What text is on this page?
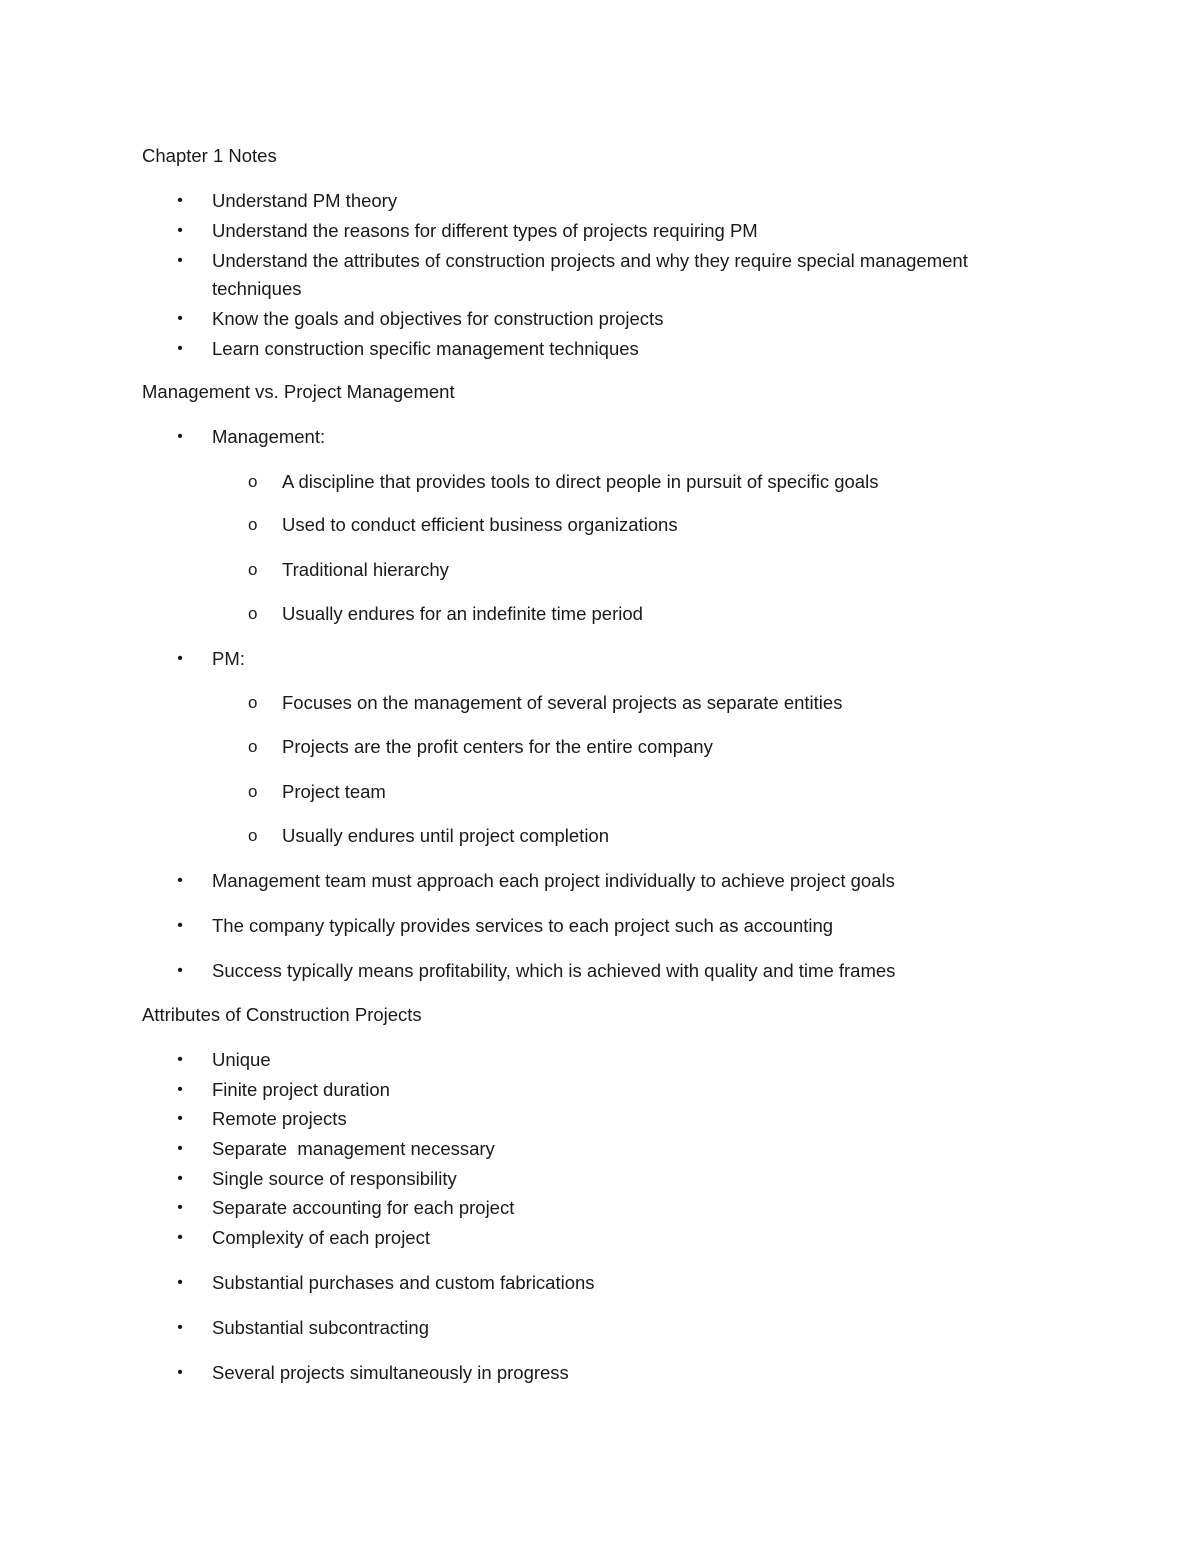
Chapter 1 Notes
• Understand PM theory
• Understand the reasons for different types of projects requiring PM
• Understand the attributes of construction projects and why they require special management
techniques
• Know the goals and objectives for construction projects
• Learn construction specific management techniques
Management vs. Project Management
• Management:
o A discipline that provides tools to direct people in pursuit of specific goals
o Used to conduct efficient business organizations
o Traditional hierarchy
o Usually endures for an indefinite time period
• PM:
o Focuses on the management of several projects as separate entities
o Projects are the profit centers for the entire company
o Project team
o Usually endures until project completion
• Management team must approach each project individually to achieve project goals
• The company typically provides services to each project such as accounting
• Success typically means profitability, which is achieved with quality and time frames
Attributes of Construction Projects
• Unique
• Finite project duration
• Remote projects
• Separate  management necessary
• Single source of responsibility
• Separate accounting for each project
• Complexity of each project
• Substantial purchases and custom fabrications
• Substantial subcontracting
• Several projects simultaneously in progress
